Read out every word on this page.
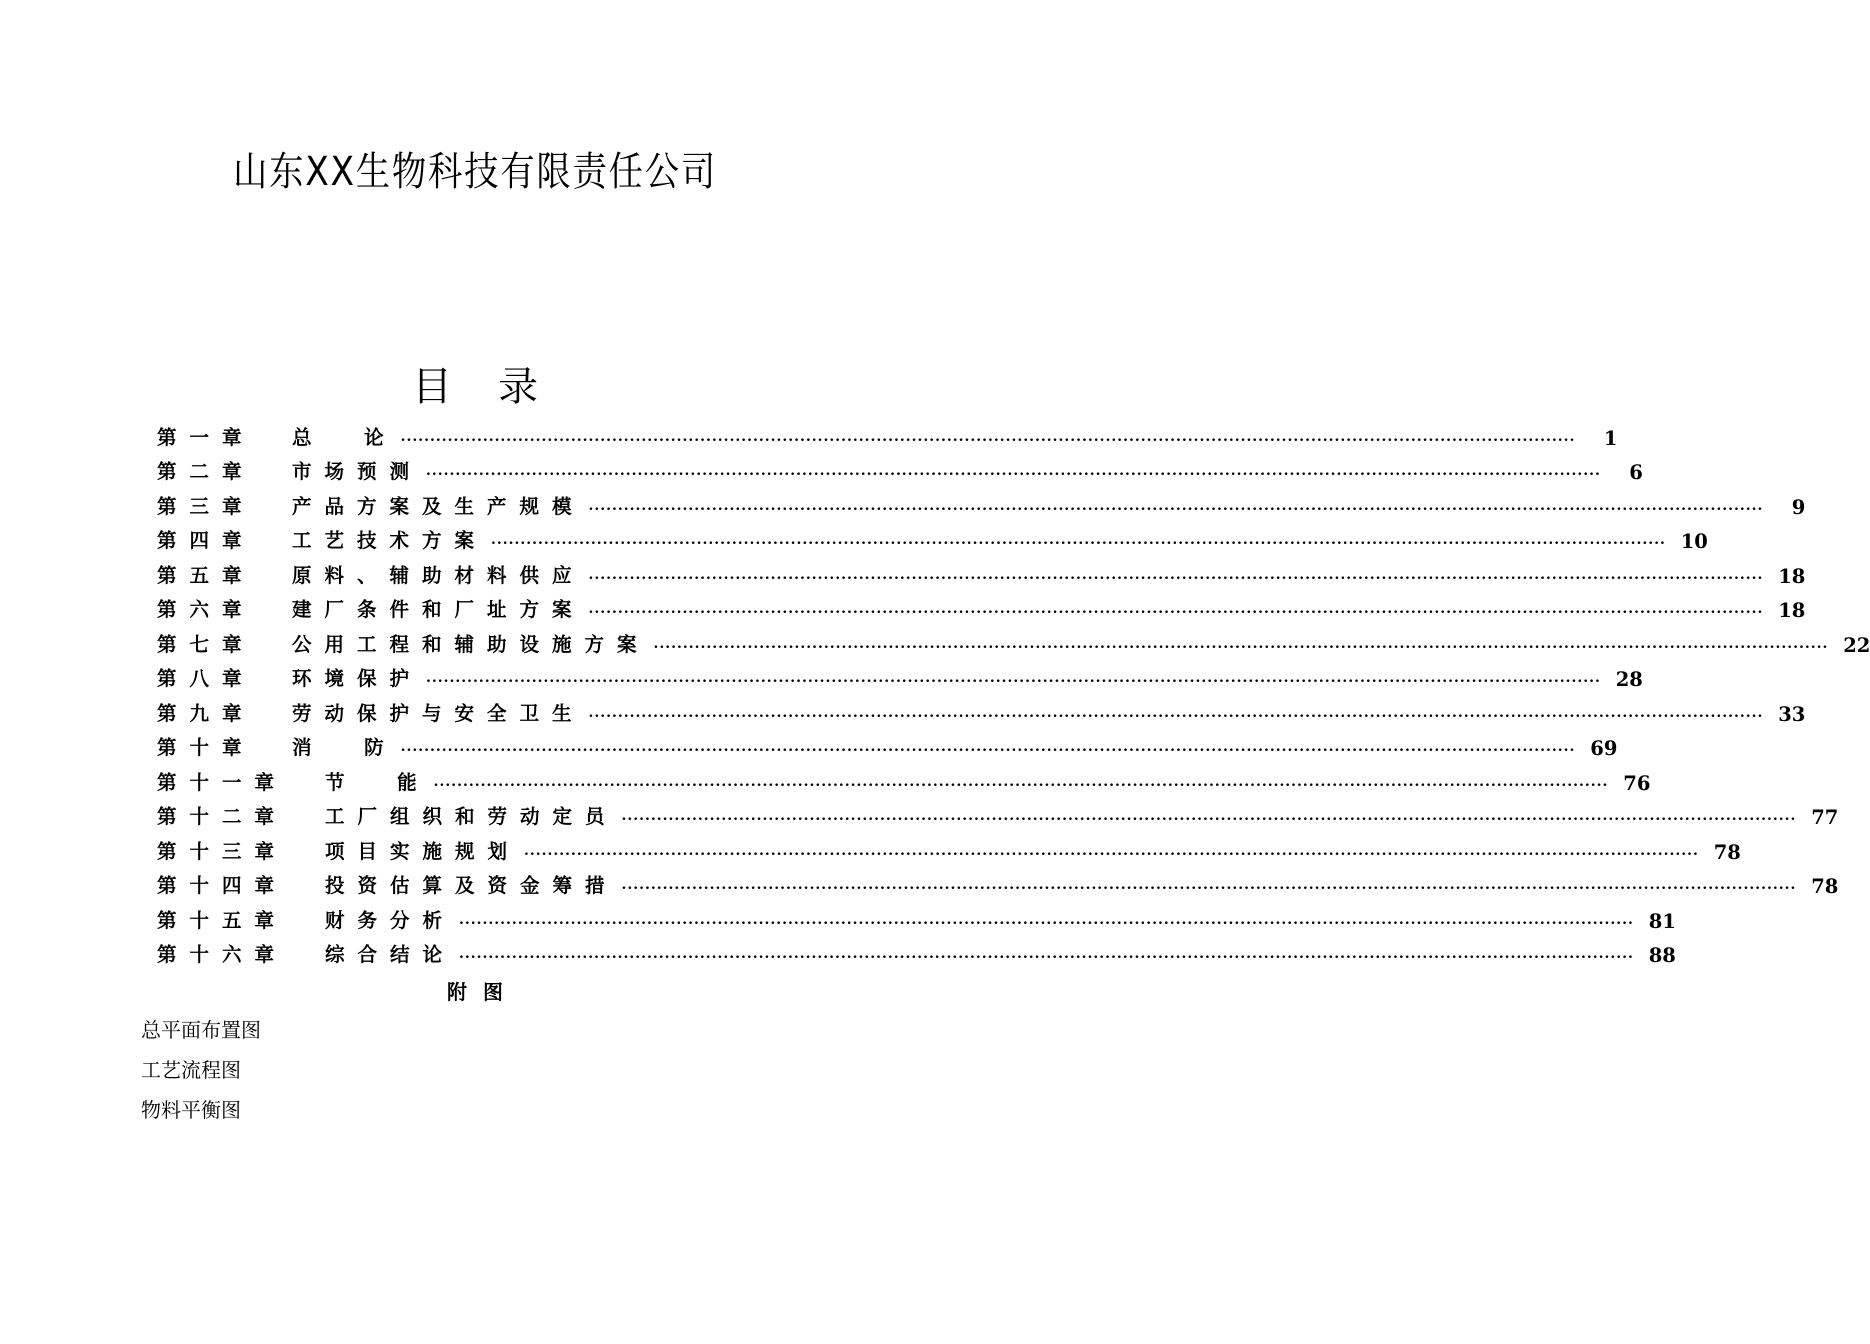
山东XX生物科技有限责任公司
目 录
第一章	总  论 ........................................................................................................................................................................................................	1
第二章	市场预测 ........................................................................................................................................................................................................	6
第三章	产品方案及生产规模 ........................................................................................................................................................................................................	9
第四章	工艺技术方案 ........................................................................................................................................................................................................ 10
第五章	原料、辅助材料供应 ........................................................................................................................................................................................................ 18
第六章	建厂条件和厂址方案 ........................................................................................................................................................................................................ 18
第七章	公用工程和辅助设施方案 ........................................................................................................................................................................................................ 22
第八章	环境保护 ........................................................................................................................................................................................................ 28
第九章	劳动保护与安全卫生 ........................................................................................................................................................................................................ 33
第十章	消  防 ........................................................................................................................................................................................................ 69
第十一章	节  能 ........................................................................................................................................................................................................ 76
第十二章	工厂组织和劳动定员 ........................................................................................................................................................................................................ 77
第十三章	项目实施规划 ........................................................................................................................................................................................................ 78
第十四章	投资估算及资金筹措 ........................................................................................................................................................................................................ 78
第十五章	财务分析 ........................................................................................................................................................................................................ 81
第十六章	综合结论 ........................................................................................................................................................................................................ 88
附图
总平面布置图
工艺流程图
物料平衡图
